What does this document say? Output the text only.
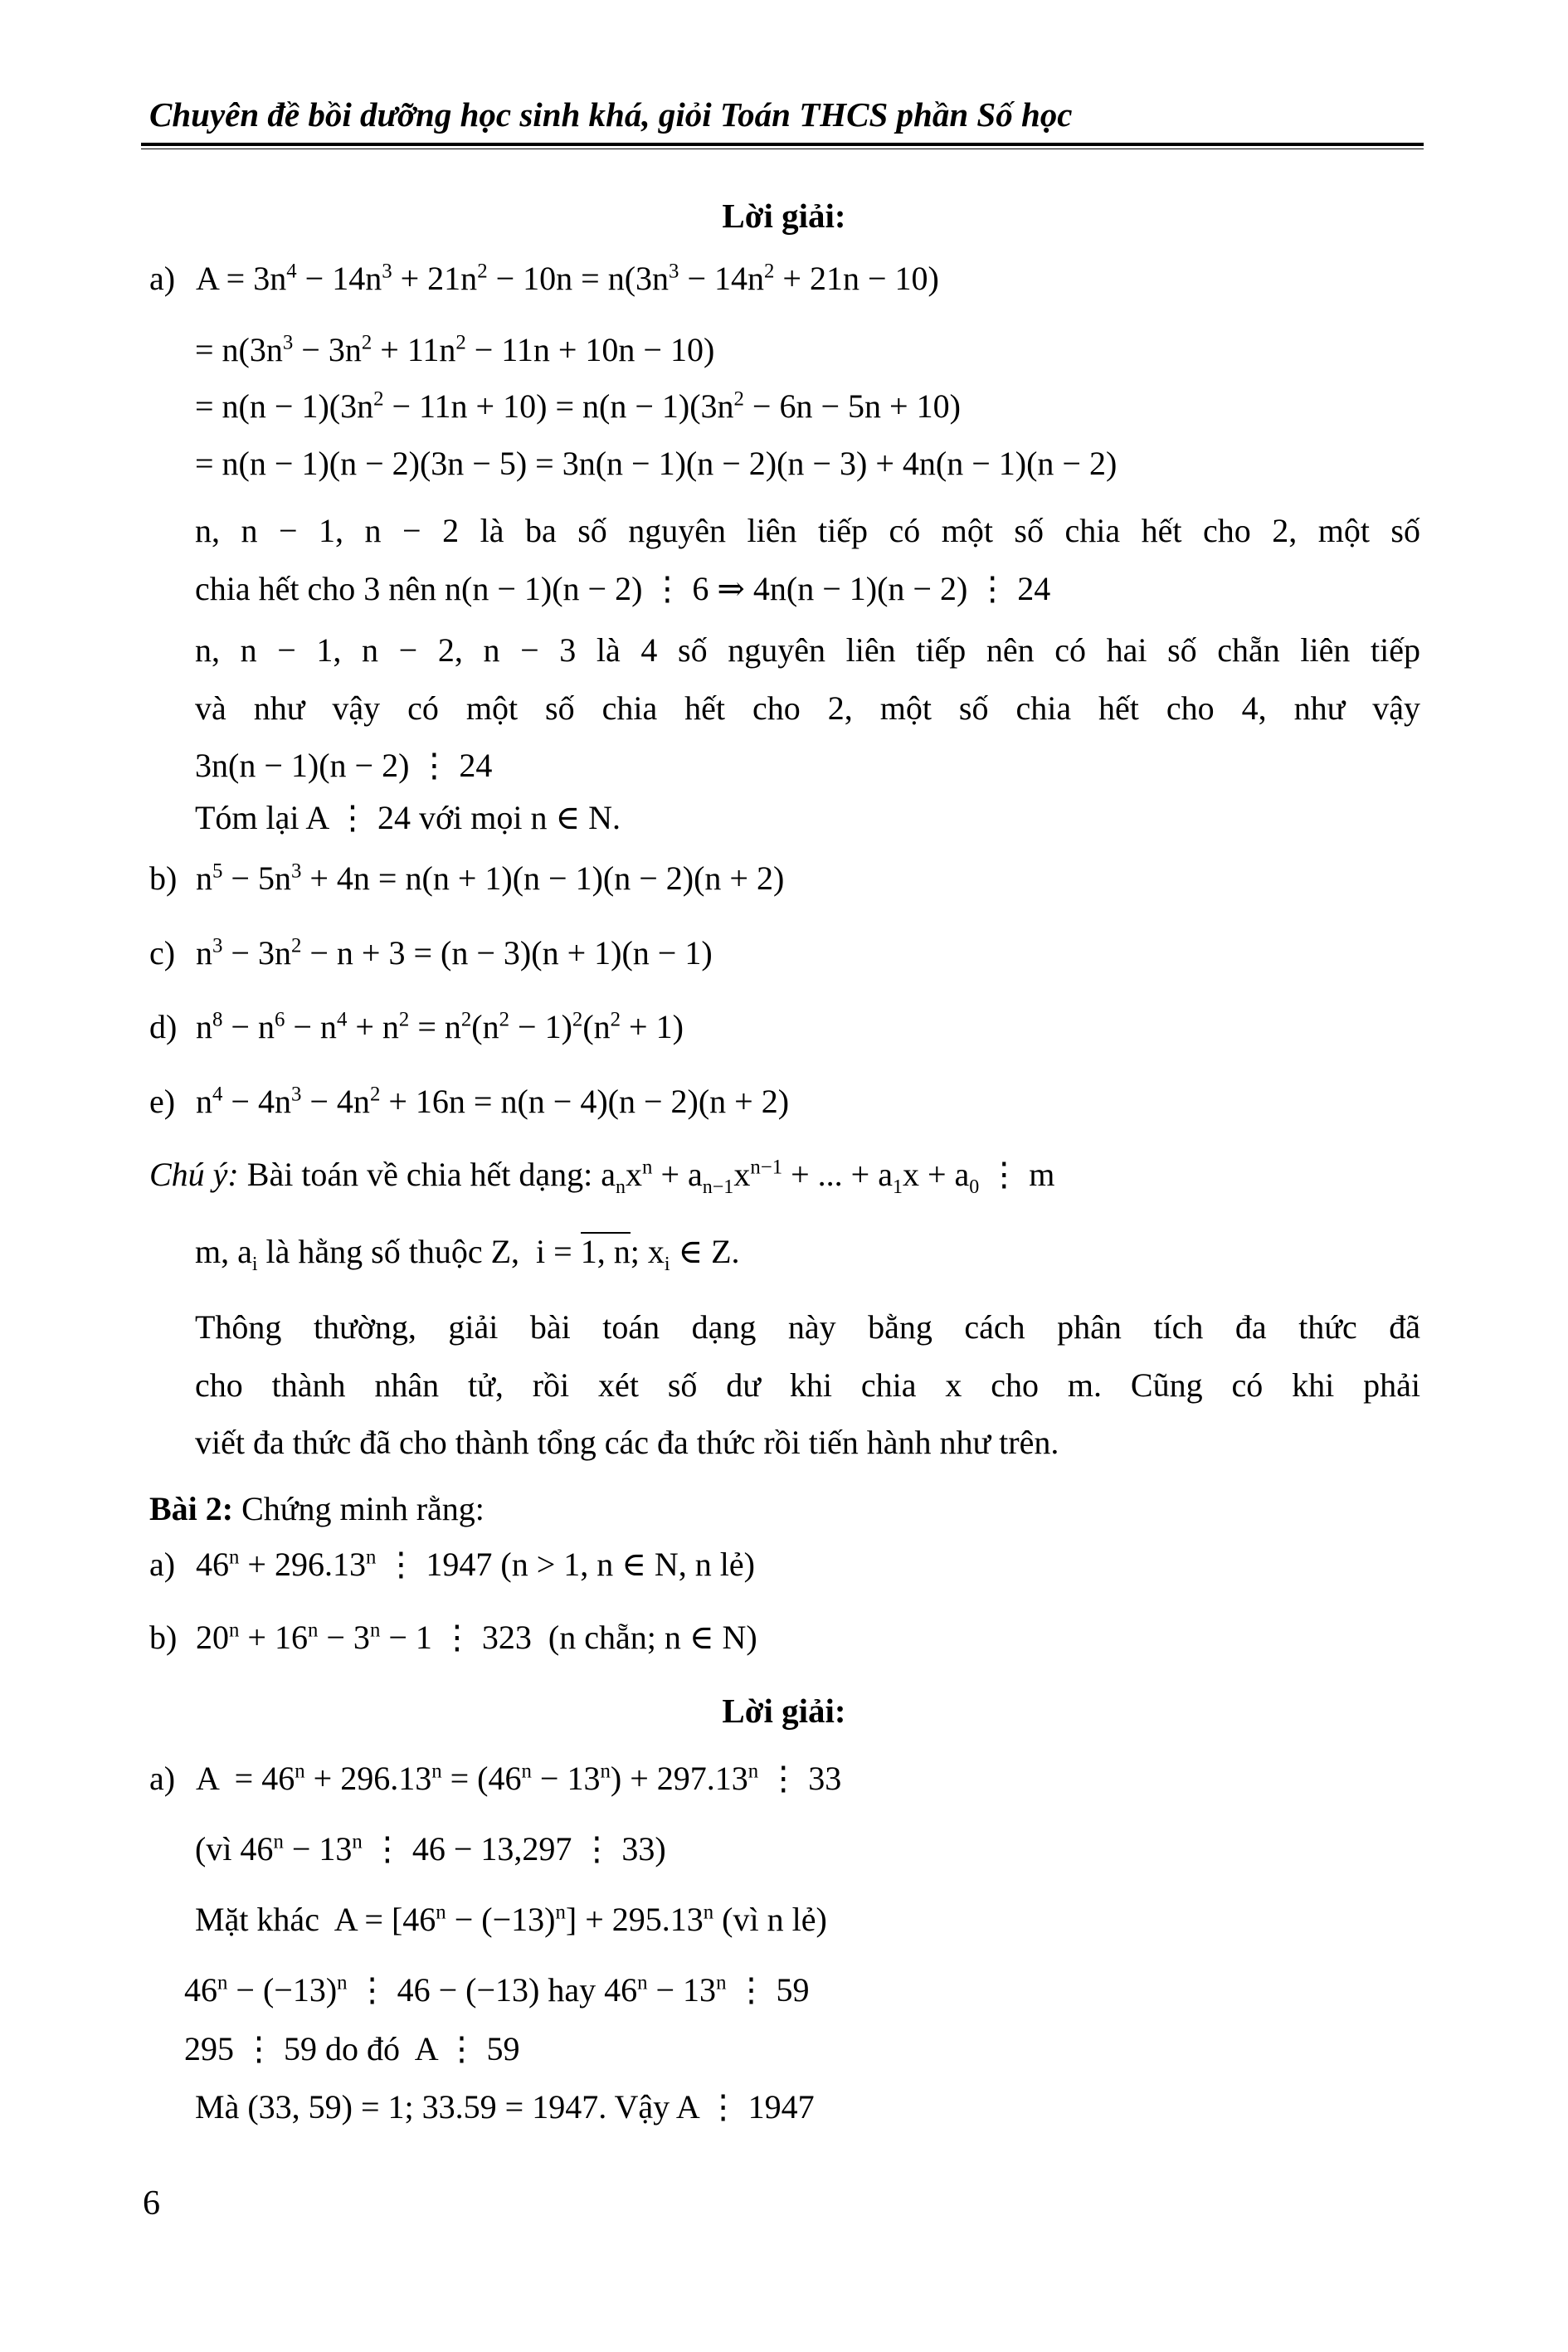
Chuyên đề bồi dưỡng học sinh khá, giỏi Toán THCS phần Số học
Lời giải:
a) $A = 3n^4 - 14n^3 + 21n^2 - 10n = n(3n^3 - 14n^2 + 21n - 10)$
= $n(3n^3 - 3n^2 + 11n^2 - 11n + 10n - 10)$
= $n(n - 1)(3n^2 - 11n + 10) = n(n - 1)(3n^2 - 6n - 5n + 10)$
= n(n − 1)(n − 2)(3n − 5) = 3n(n − 1)(n − 2)(n − 3) + 4n(n − 1)(n − 2)
n, n − 1, n − 2 là ba số nguyên liên tiếp có một số chia hết cho 2, một số
chia hết cho 3 nên n(n − 1)(n − 2) ⋮ 6 ⇒ 4n(n − 1)(n − 2) ⋮ 24
n, n − 1, n − 2, n − 3 là 4 số nguyên liên tiếp nên có hai số chẵn liên tiếp
và như vậy có một số chia hết cho 2, một số chia hết cho 4, như vậy
3n(n − 1)(n − 2) ⋮ 24
Tóm lại A ⋮ 24 với mọi n ∈ N.
b) $n^5 - 5n^3 + 4n = n(n + 1)(n - 1)(n - 2)(n + 2)$
c) $n^3 - 3n^2 - n + 3 = (n - 3)(n + 1)(n - 1)$
d) $n^8 - n^6 - n^4 + n^2 = n^2(n^2 - 1)^2(n^2 + 1)$
e) $n^4 - 4n^3 - 4n^2 + 16n = n(n - 4)(n - 2)(n + 2)$
Chú ý: Bài toán về chia hết dạng: $a_nx^n + a_{n-1}x^{n-1}$ + ... + $a_1x + a_0$ ⋮ m
m, $a_i$ là hằng số thuộc Z,  i = 1, n; $x_i$ ∈ Z.
Thông thường, giải bài toán dạng này bằng cách phân tích đa thức đã
cho thành nhân tử, rồi xét số dư khi chia x cho m. Cũng có khi phải
viết đa thức đã cho thành tổng các đa thức rồi tiến hành như trên.
Bài 2: Chứng minh rằng:
a) $46^n + 296.13^n$ ⋮ 1947 (n > 1, n ∈ N, n lẻ)
b) $20^n + 16^n - 3^n - 1$ ⋮ 323  (n chẵn; n ∈ N)
Lời giải:
a) $A = 46^n + 296.13^n = (46^n - 13^n) + 297.13^n$ ⋮ 33
(vì $46^n - 13^n$ ⋮ 46 − 13,297 ⋮ 33)
Mặt khác  $A = [46^n - (-13)^n] + 295.13^n$ (vì n lẻ)
$46^n - (-13)^n$ ⋮ 46 − (−13) hay $46^n - 13^n$ ⋮ 59
295 ⋮ 59 do đó  A ⋮ 59
Mà (33, 59) = 1; 33.59 = 1947. Vậy A ⋮ 1947
6
